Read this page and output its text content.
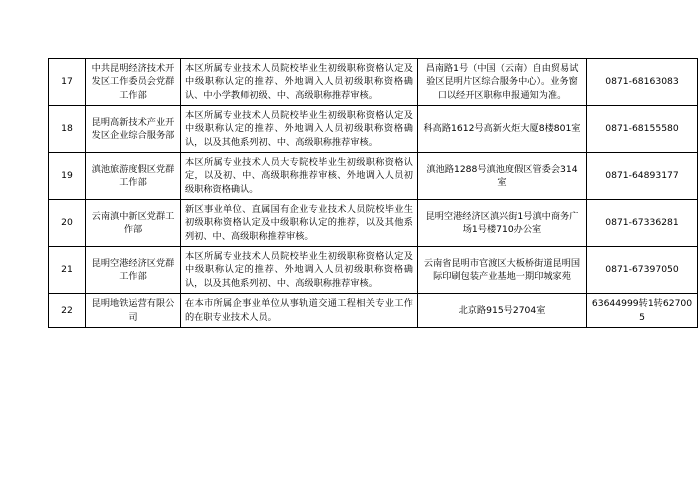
17	中共昆明经济技术开发区工作委员会党群工作部	本区所属专业技术人员院校毕业生初级职称资格认定及中级职称认定的推荐、外地调入人员初级职称资格确认、中小学教师初级、中、高级职称推荐审核。	昌南路1号（中国（云南）自由贸易试验区昆明片区综合服务中心）。业务窗口以经开区职称申报通知为准。	0871-68163083
18	昆明高新技术产业开发区企业综合服务部	本区所属专业技术人员院校毕业生初级职称资格认定及中级职称认定的推荐、外地调入人员初级职称资格确认，以及其他系列初、中、高级职称推荐审核。	科高路1612号高新火炬大厦8楼801室	0871-68155580
19	滇池旅游度假区党群工作部	本区所属专业技术人员大专院校毕业生初级职称资格认定，以及初、中、高级职称推荐审核、外地调入人员初级职称资格确认。	滇池路1288号滇池度假区管委会314室	0871-64893177
20	云南滇中新区党群工作部	新区事业单位、直属国有企业专业技术人员院校毕业生初级职称资格认定及中级职称认定的推荐，以及其他系列初、中、高级职称推荐审核。	昆明空港经济区滇兴街1号滇中商务广场1号楼710办公室	0871-67336281
21	昆明空港经济区党群工作部	本区所属专业技术人员院校毕业生初级职称资格认定及中级职称认定的推荐、外地调入人员初级职称资格确认，以及其他系列初、中、高级职称推荐审核。	云南省昆明市官渡区大板桥街道昆明国际印刷包装产业基地一期印城家苑	0871-67397050
22	昆明地铁运营有限公司	在本市所属企事业单位从事轨道交通工程相关专业工作的在职专业技术人员。	北京路915号2704室	63644999转1转627005
